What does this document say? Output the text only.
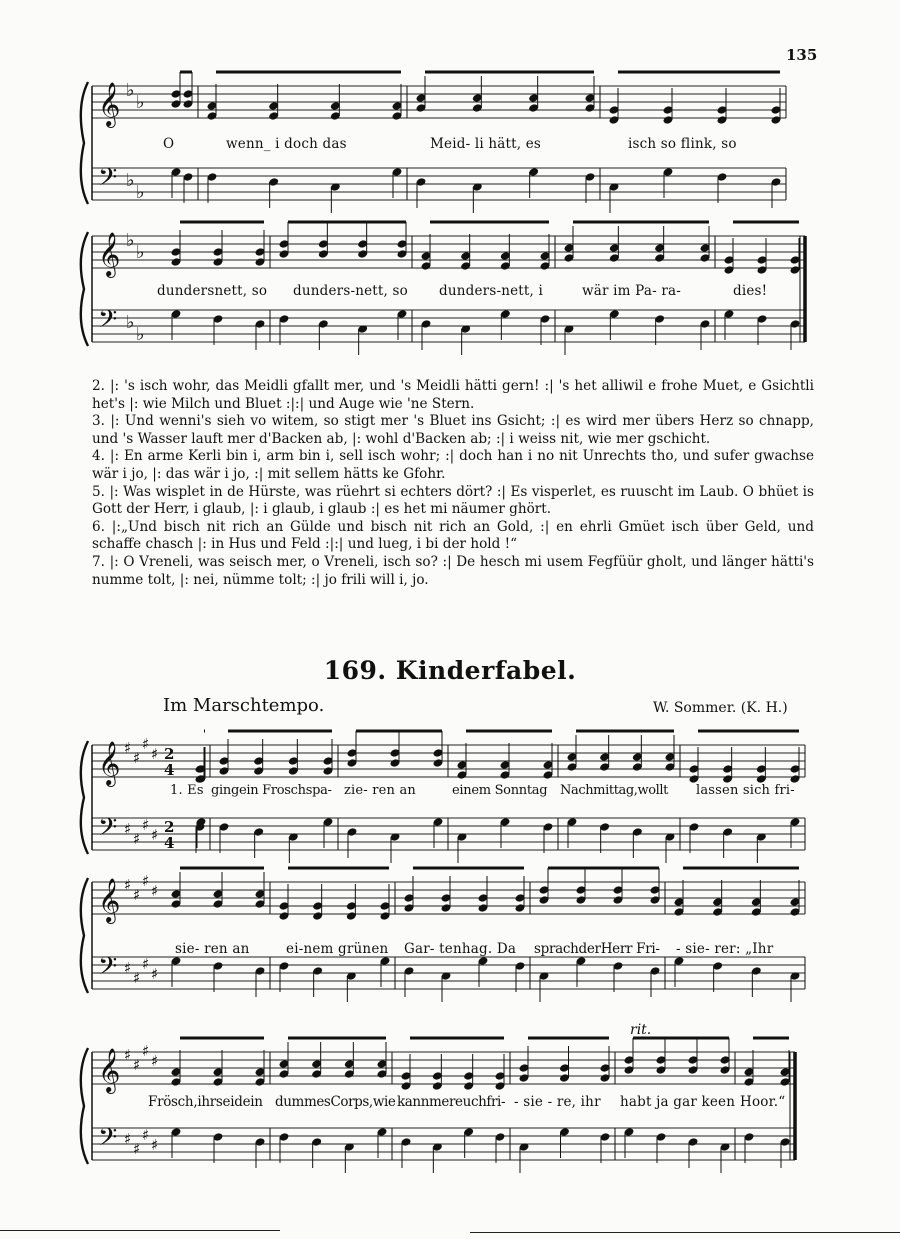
135
𝄞
𝄢
♭
♭
♭
♭
𝄞
𝄢
♭
♭
♭
♭
𝄞
𝄢
♯
♯
♯
♯
♯
♯
♯
♯
2
4
2
4
𝄞
𝄢
♯
♯
♯
♯
♯
♯
♯
♯
𝄞
𝄢
♯
♯
♯
♯
♯
♯
♯
♯
O	wenn_ i doch das	Meid- li hätt, es	isch so flink, so
dundersnett, so dunders-nett, so dunders-nett, i	wär im Pa- ra-	dies!

2. |: 's isch wohr, das Meidli gfallt mer, und 's Meidli hätti gern! :| 's het alliwil e frohe Muet, e Gsichtli het's |: wie Milch und Bluet :|:| und Auge wie 'ne Stern.

3. |: Und wenni's sieh vo witem, so stigt mer 's Bluet ins Gsicht; :| es wird mer übers Herz so chnapp, und 's Wasser lauft mer d'Backen ab, |: wohl d'Backen ab; :| i weiss nit, wie mer gschicht.

4. |: En arme Kerli bin i, arm bin i, sell isch wohr; :| doch han i no nit Unrechts tho, und sufer gwachse wär i jo, |: das wär i jo, :| mit sellem hätts ke Gfohr.

5. |: Was wisplet in de Hürste, was rüehrt si echters dört? :| Es visperlet, es ruuscht im Laub. O bhüet is Gott der Herr, i glaub, |: i glaub, i glaub :| es het mi näumer ghört.

6. |:„Und bisch nit rich an Gülde und bisch nit rich an Gold, :| en ehrli Gmüet isch über Geld, und schaffe chasch |: in Hus und Feld :|:| und lueg, i bi der hold !“

7. |: O Vreneli, was seisch mer, o Vreneli, isch so? :| De hesch mi usem Fegfüür gholt, und länger hätti's numme tolt, |: nei, nümme tolt; :| jo frili will i, jo.

169. Kinderfabel.
Im Marschtempo.	W. Sommer. (K. H.)
rit.
1. Es gingein Froschspa- zie- ren an	einem Sonntag Nachmittag,wollt lassen sich fri-
sie- ren an	ei-nem grünen Gar- tenhag. Da sprachderHerr Fri- - sie- rer: „Ihr
Frösch,ihrseidein dummesCorps,wie kannmereuchfri- - sie - re, ihr habt ja gar keen Hoor.“
